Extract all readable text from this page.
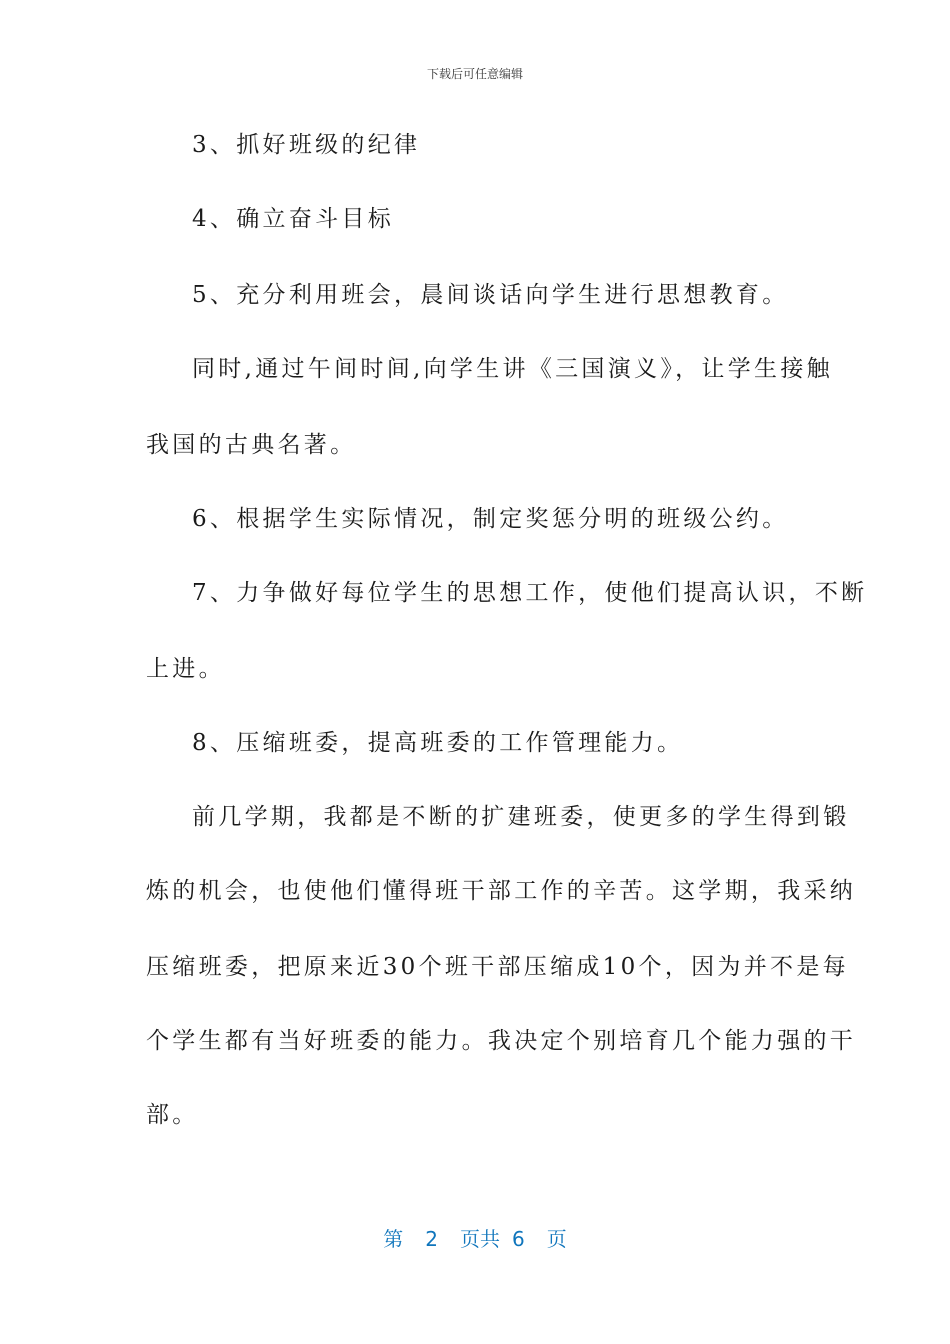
下载后可任意编辑
3、抓好班级的纪律
4、确立奋斗目标
5、充分利用班会，晨间谈话向学生进行思想教育。
同时,通过午间时间,向学生讲《三国演义》，让学生接触
我国的古典名著。
6、根据学生实际情况，制定奖惩分明的班级公约。
7、力争做好每位学生的思想工作，使他们提高认识，不断
上进。
8、压缩班委，提高班委的工作管理能力。
前几学期，我都是不断的扩建班委，使更多的学生得到锻
炼的机会，也使他们懂得班干部工作的辛苦。这学期，我采纳
压缩班委，把原来近30个班干部压缩成10个，因为并不是每
个学生都有当好班委的能力。我决定个别培育几个能力强的干
部。
第 2 页共 6 页
